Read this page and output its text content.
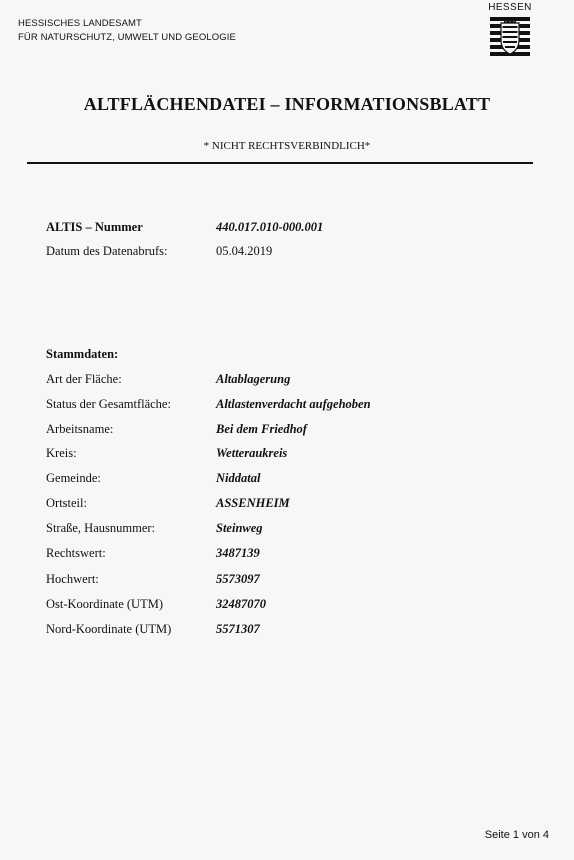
HESSISCHES LANDESAMT
FÜR NATURSCHUTZ, UMWELT UND GEOLOGIE
HESSEN
ALTFLÄCHENDATEI – INFORMATIONSBLATT
* NICHT RECHTSVERBINDLICH*
ALTIS – Nummer	440.017.010-000.001
Datum des Datenabrufs:	05.04.2019
Stammdaten:
Art der Fläche:	Altablagerung
Status der Gesamtfläche:	Altlastenverdacht aufgehoben
Arbeitsname:	Bei dem Friedhof
Kreis:	Wetteraukreis
Gemeinde:	Niddatal
Ortsteil:	ASSENHEIM
Straße, Hausnummer:	Steinweg
Rechtswert:	3487139
Hochwert:	5573097
Ost-Koordinate (UTM)	32487070
Nord-Koordinate (UTM)	5571307
Seite 1 von 4
